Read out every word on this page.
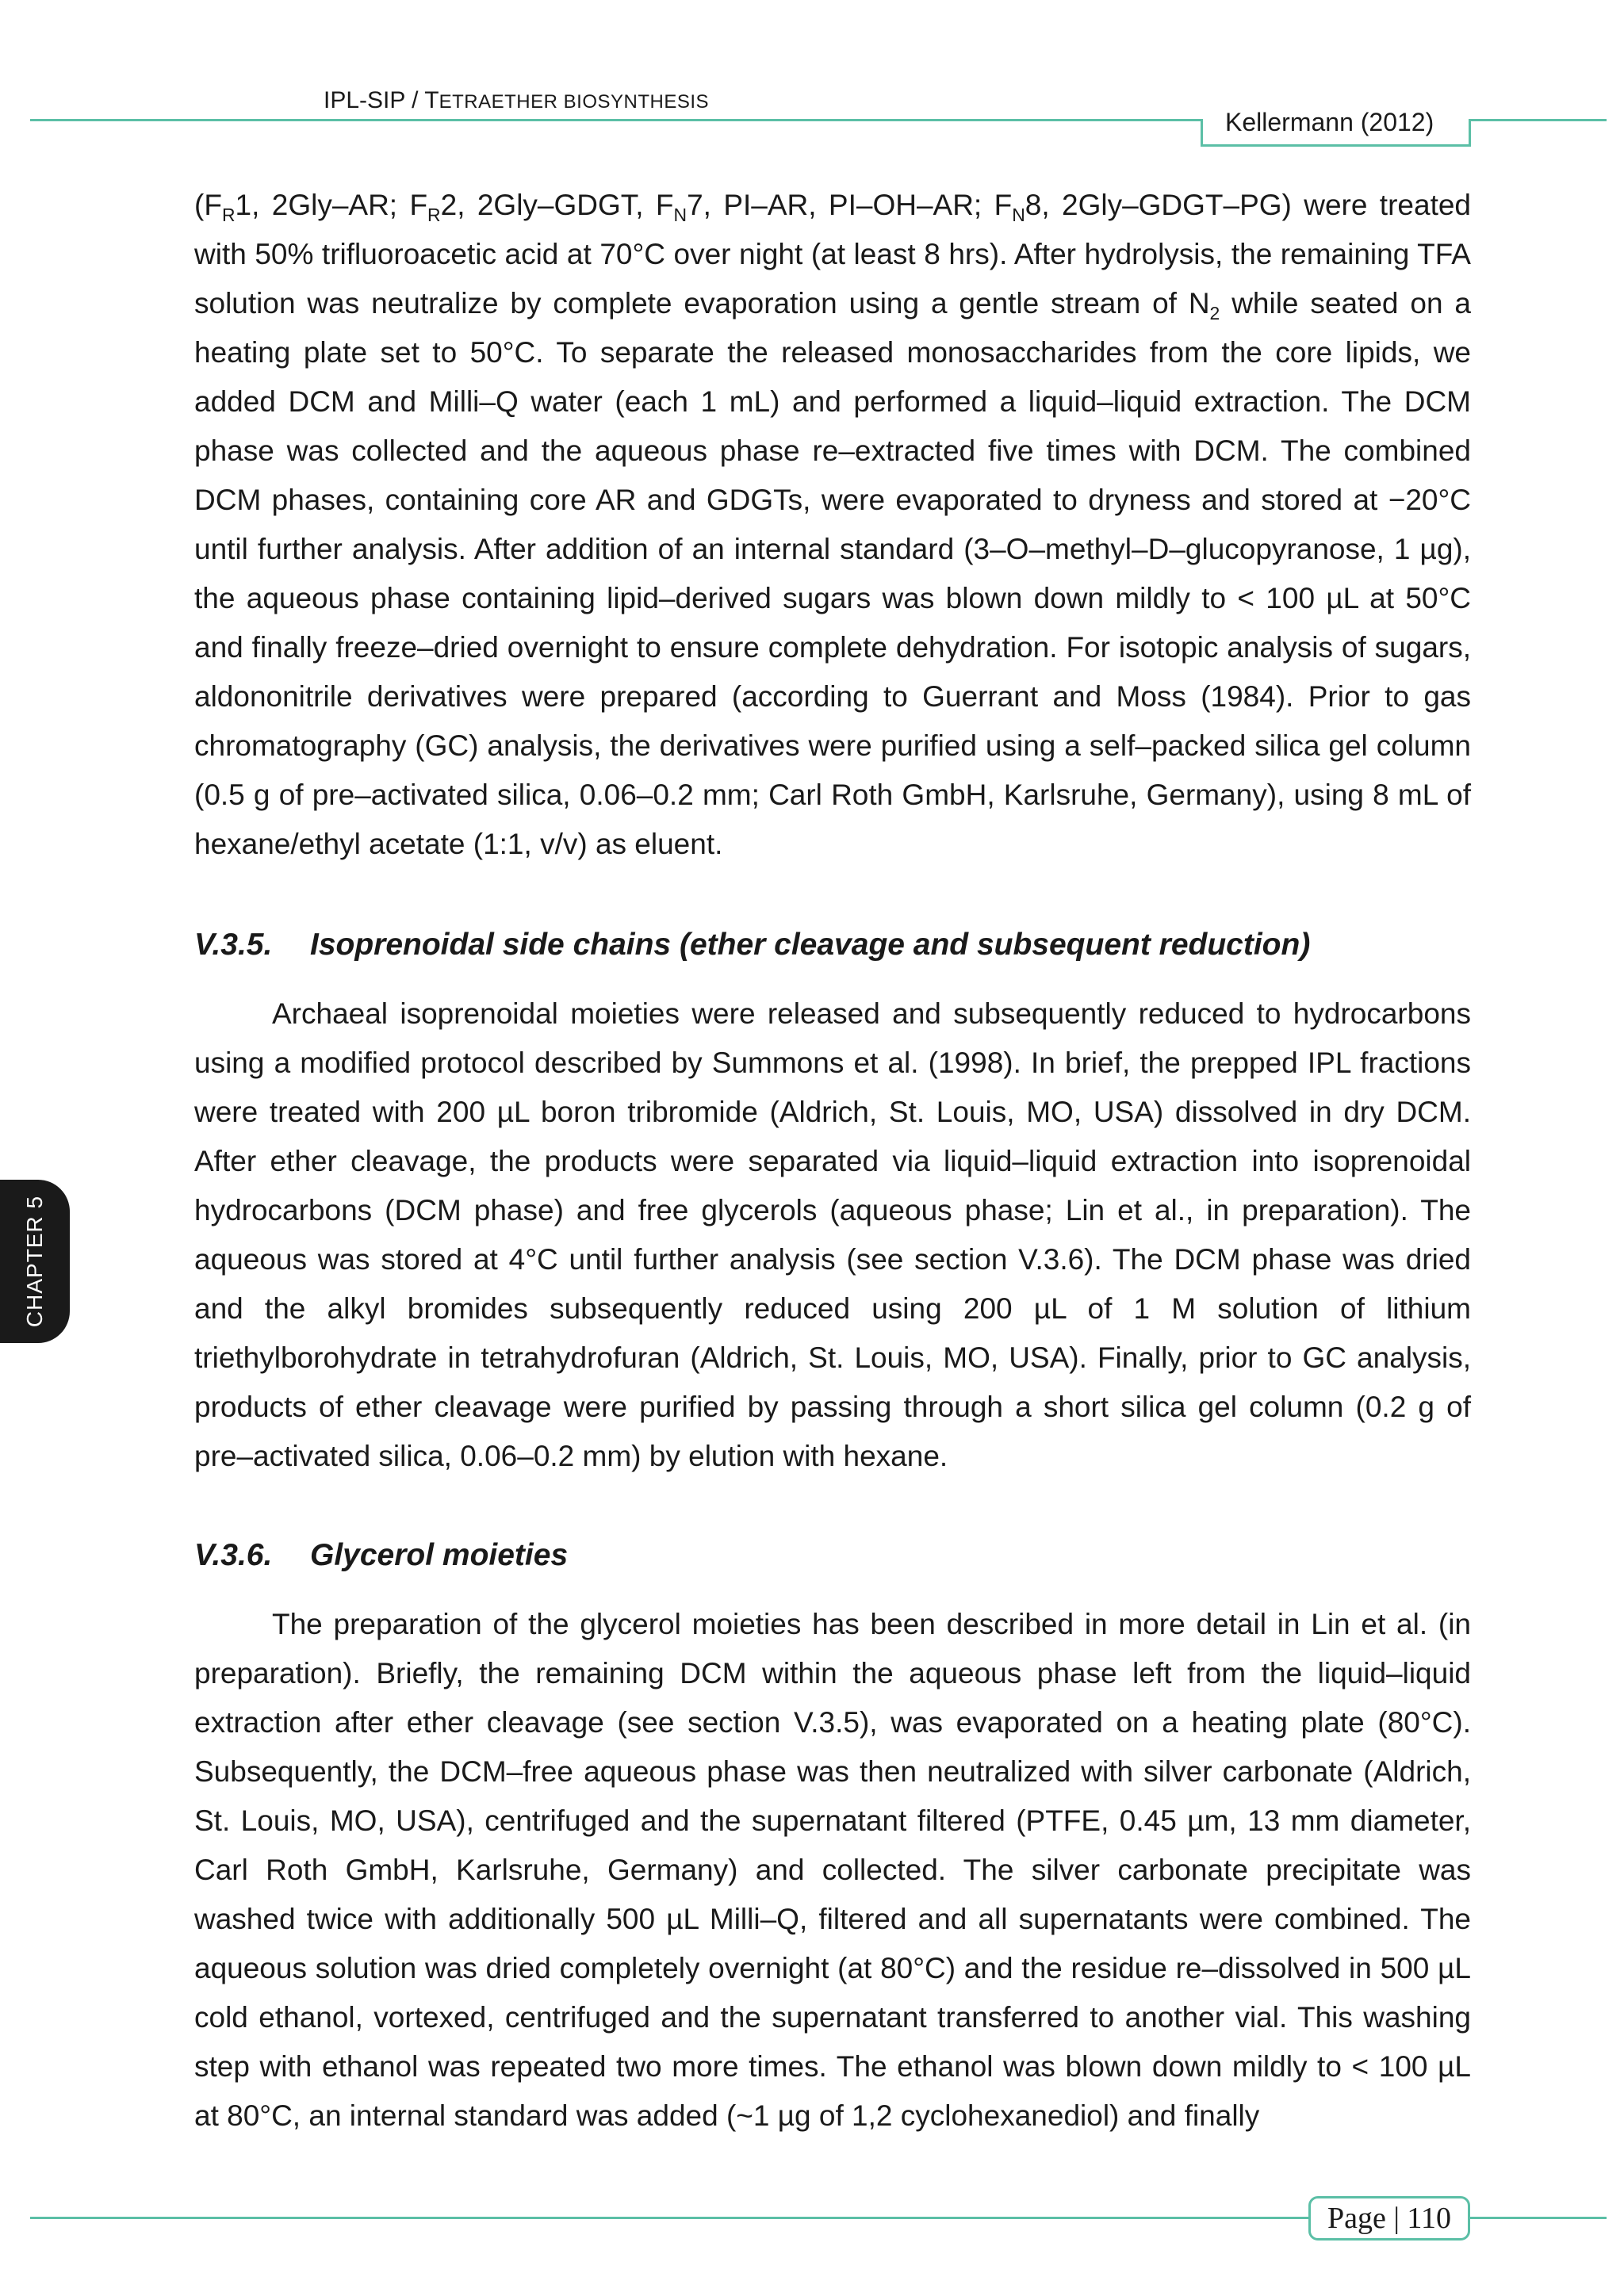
IPL-SIP / TETRAETHER BIOSYNTHESIS
Kellermann (2012)

($F_R1$, 2Gly–AR; $F_R2$, 2Gly–GDGT, $F_N7$, PI–AR, PI–OH–AR; $F_N8$, 2Gly–GDGT–PG) were treated with 50% trifluoroacetic acid at 70°C over night (at least 8 hrs). After hydrolysis, the remaining TFA solution was neutralize by complete evaporation using a gentle stream of $N_2$ while seated on a heating plate set to 50°C. To separate the released monosaccharides from the core lipids, we added DCM and Milli–Q water (each 1 mL) and performed a liquid–liquid extraction. The DCM phase was collected and the aqueous phase re–extracted five times with DCM. The combined DCM phases, containing core AR and GDGTs, were evaporated to dryness and stored at −20°C until further analysis. After addition of an internal standard (3–O–methyl–D–glucopyranose, 1 µg), the aqueous phase containing lipid–derived sugars was blown down mildly to < 100 µL at 50°C and finally freeze–dried overnight to ensure complete dehydration. For isotopic analysis of sugars, aldononitrile derivatives were prepared (according to Guerrant and Moss (1984). Prior to gas chromatography (GC) analysis, the derivatives were purified using a self–packed silica gel column (0.5 g of pre–activated silica, 0.06–0.2 mm; Carl Roth GmbH, Karlsruhe, Germany), using 8 mL of hexane/ethyl acetate (1:1, v/v) as eluent.

V.3.5. Isoprenoidal side chains (ether cleavage and subsequent reduction)

Archaeal isoprenoidal moieties were released and subsequently reduced to hydrocarbons using a modified protocol described by Summons et al. (1998). In brief, the prepped IPL fractions were treated with 200 µL boron tribromide (Aldrich, St. Louis, MO, USA) dissolved in dry DCM. After ether cleavage, the products were separated via liquid–liquid extraction into isoprenoidal hydrocarbons (DCM phase) and free glycerols (aqueous phase; Lin et al., in preparation). The aqueous was stored at 4°C until further analysis (see section V.3.6). The DCM phase was dried and the alkyl bromides subsequently reduced using 200 µL of 1 M solution of lithium triethylborohydrate in tetrahydrofuran (Aldrich, St. Louis, MO, USA). Finally, prior to GC analysis, products of ether cleavage were purified by passing through a short silica gel column (0.2 g of pre–activated silica, 0.06–0.2 mm) by elution with hexane.

V.3.6. Glycerol moieties

The preparation of the glycerol moieties has been described in more detail in Lin et al. (in preparation). Briefly, the remaining DCM within the aqueous phase left from the liquid–liquid extraction after ether cleavage (see section V.3.5), was evaporated on a heating plate (80°C). Subsequently, the DCM–free aqueous phase was then neutralized with silver carbonate (Aldrich, St. Louis, MO, USA), centrifuged and the supernatant filtered (PTFE, 0.45 µm, 13 mm diameter, Carl Roth GmbH, Karlsruhe, Germany) and collected. The silver carbonate precipitate was washed twice with additionally 500 µL Milli–Q, filtered and all supernatants were combined. The aqueous solution was dried completely overnight (at 80°C) and the residue re–dissolved in 500 µL cold ethanol, vortexed, centrifuged and the supernatant transferred to another vial. This washing step with ethanol was repeated two more times. The ethanol was blown down mildly to < 100 µL at 80°C, an internal standard was added (~1 µg of 1,2 cyclohexanediol) and finally

CHAPTER 5
Page | 110
